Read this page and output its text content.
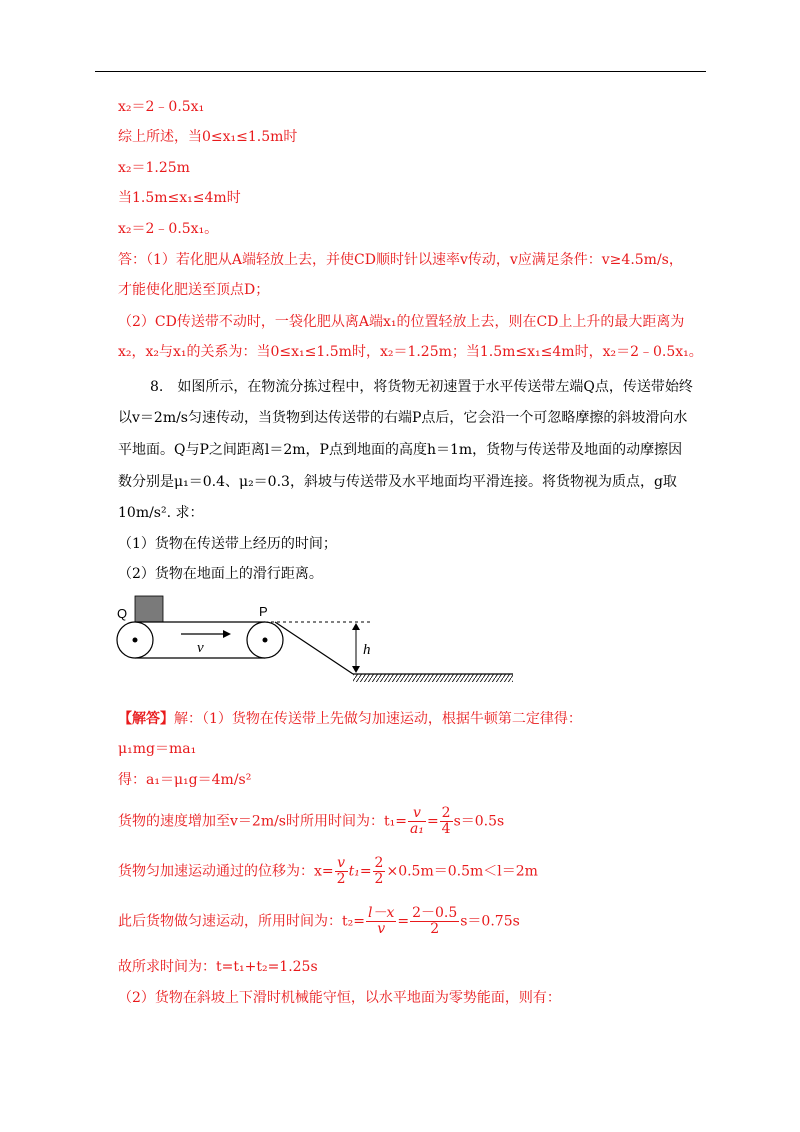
x₂＝2﹣0.5x₁
综上所述，当0≤x₁≤1.5m时
x₂＝1.25m
当1.5m≤x₁≤4m时
x₂＝2﹣0.5x₁。
答：（1）若化肥从A端轻放上去，并使CD顺时针以速率v传动，v应满足条件：v≥4.5m/s，
才能使化肥送至顶点D；
（2）CD传送带不动时，一袋化肥从离A端x₁的位置轻放上去，则在CD上上升的最大距离为
x₂，x₂与x₁的关系为：当0≤x₁≤1.5m时，x₂＝1.25m；当1.5m≤x₁≤4m时，x₂＝2﹣0.5x₁。
8.　如图所示，在物流分拣过程中，将货物无初速置于水平传送带左端Q点，传送带始终
以v＝2m/s匀速传动，当货物到达传送带的右端P点后，它会沿一个可忽略摩擦的斜坡滑向水
平地面。Q与P之间距离l＝2m，P点到地面的高度h＝1m，货物与传送带及地面的动摩擦因
数分别是μ₁＝0.4、μ₂＝0.3，斜坡与传送带及水平地面均平滑连接。将货物视为质点，g取
10m/s². 求：
（1）货物在传送带上经历的时间；
（2）货物在地面上的滑行距离。
Q	P
v	h
【解答】解：（1）货物在传送带上先做匀加速运动，根据牛顿第二定律得：
μ₁mg＝ma₁
得：a₁＝μ₁g＝4m/s²
货物的速度增加至v＝2m/s时所用时间为：$t_1= \frac{v}{\text{a₁}} = \frac{2}{4} s=0.5s$
货物匀加速运动通过的位移为：$x= \frac{v}{2} t_1= \frac{2}{2} \times 0.5m=0.5m<l=2m$
此后货物做匀速运动，所用时间为：$t_2= \frac{l-x}{v} = \frac{2-0.5}{2} s=0.75s$
故所求时间为：t=t₁+t₂=1.25s
（2）货物在斜坡上下滑时机械能守恒，以水平地面为零势能面，则有：
